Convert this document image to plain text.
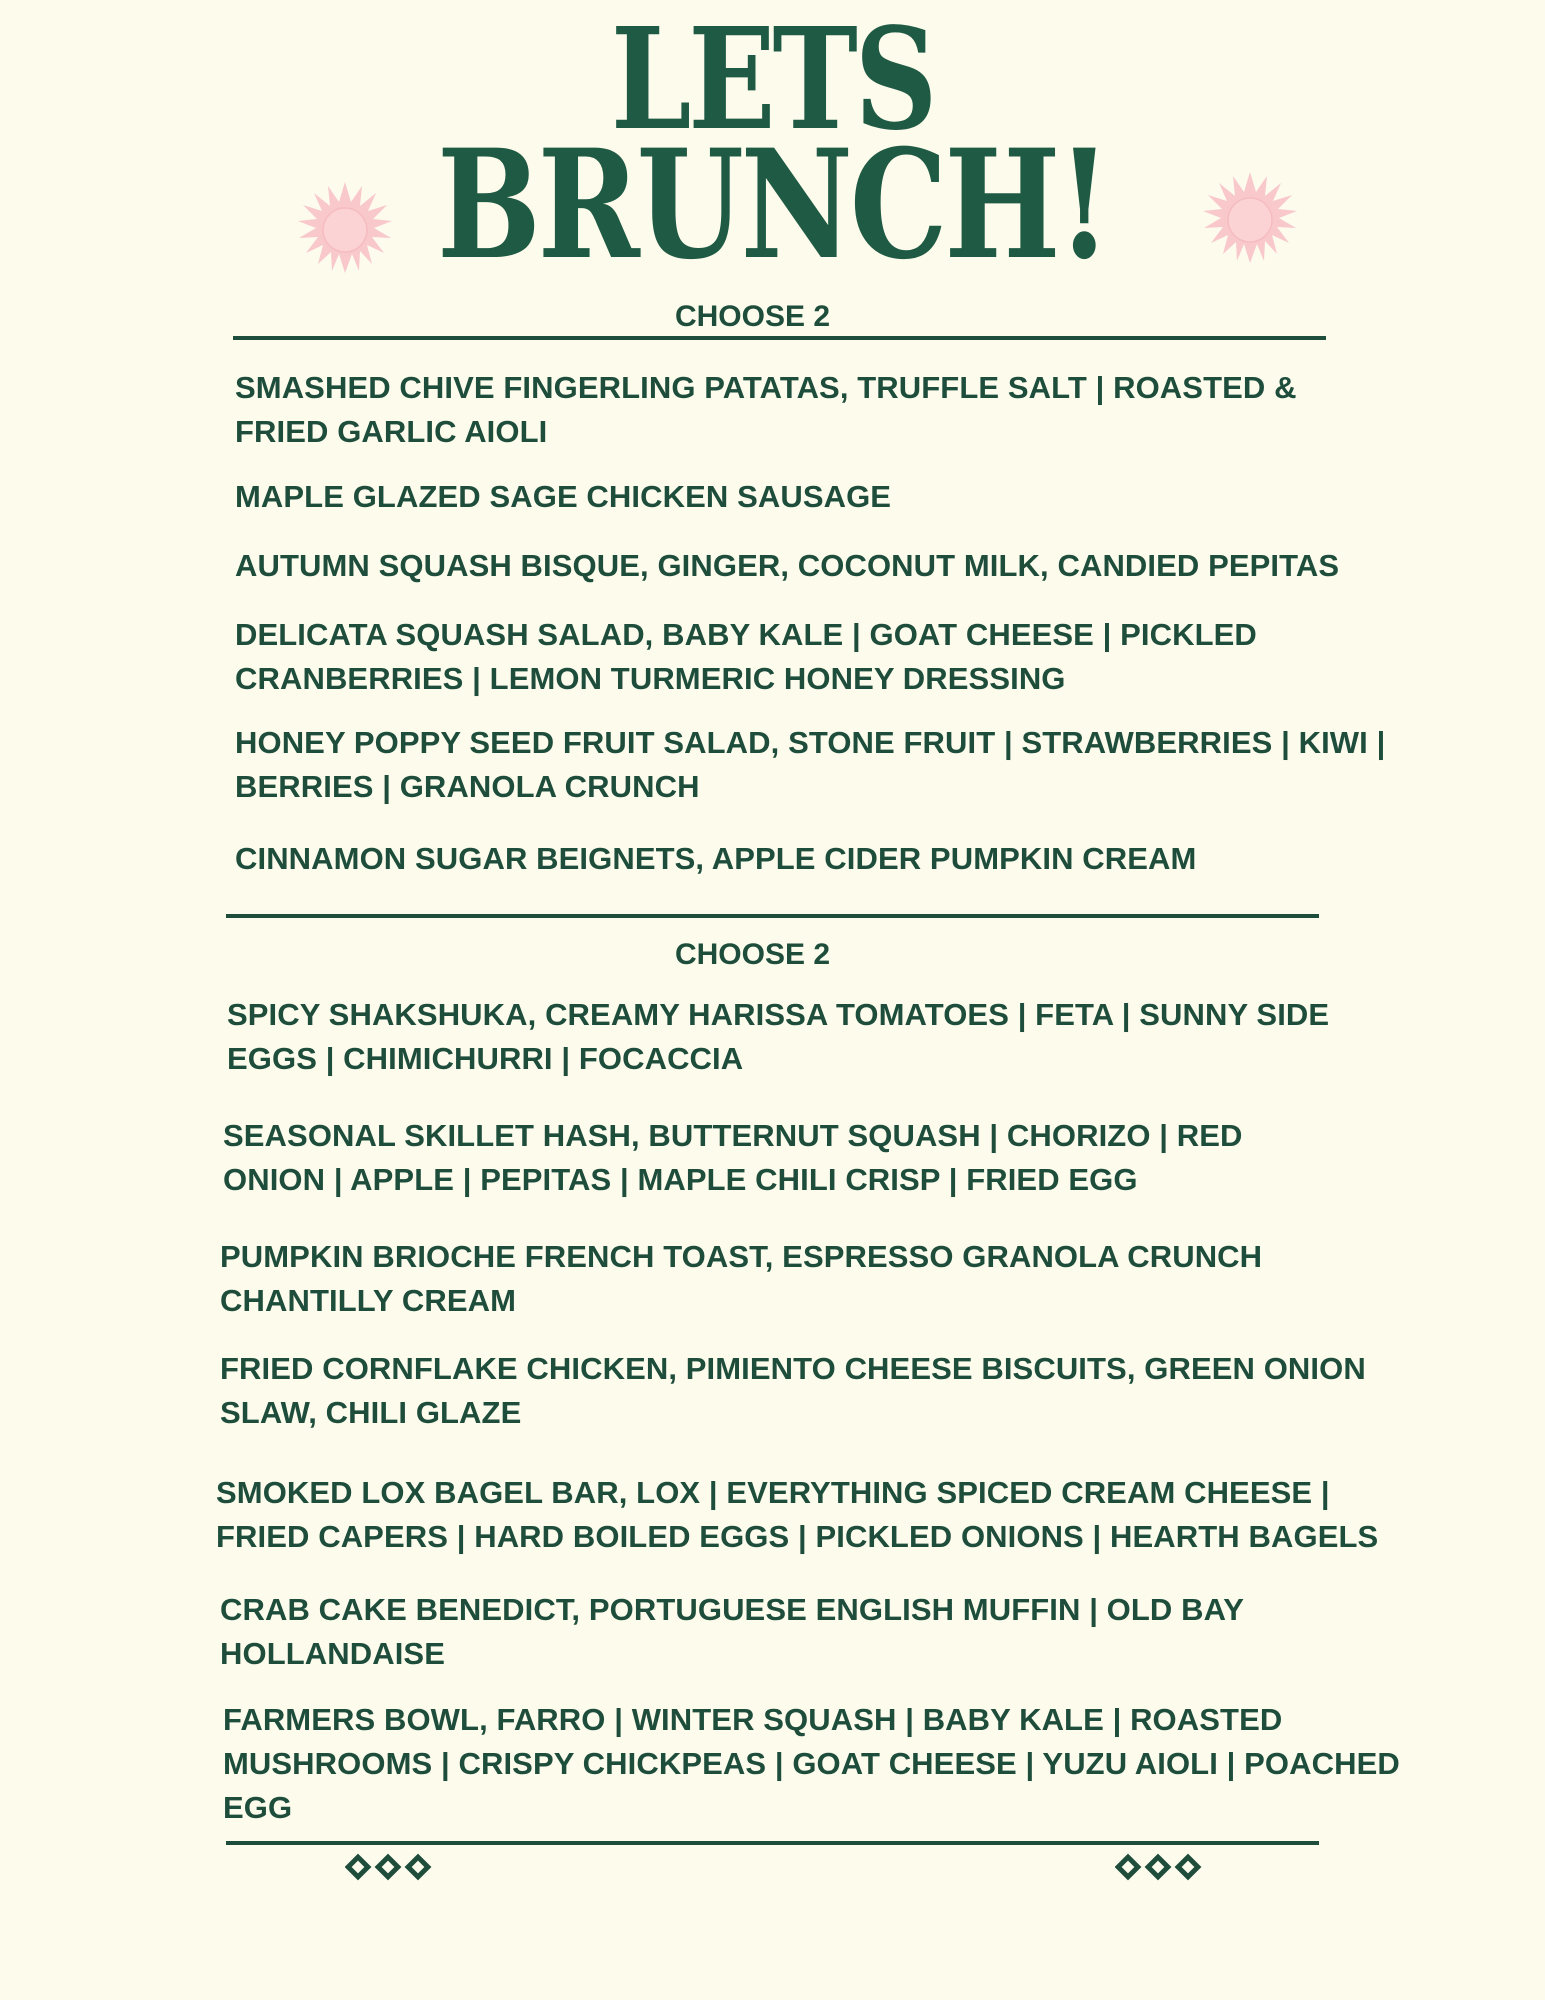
LETS
BRUNCH!
CHOOSE 2

SMASHED CHIVE FINGERLING PATATAS, TRUFFLE SALT | ROASTED &
FRIED GARLIC AIOLI

MAPLE GLAZED SAGE CHICKEN SAUSAGE

AUTUMN SQUASH BISQUE, GINGER, COCONUT MILK, CANDIED PEPITAS

DELICATA SQUASH SALAD, BABY KALE | GOAT CHEESE | PICKLED
CRANBERRIES | LEMON TURMERIC HONEY DRESSING

HONEY POPPY SEED FRUIT SALAD, STONE FRUIT | STRAWBERRIES | KIWI |
BERRIES | GRANOLA CRUNCH

CINNAMON SUGAR BEIGNETS, APPLE CIDER PUMPKIN CREAM

CHOOSE 2

SPICY SHAKSHUKA, CREAMY HARISSA TOMATOES | FETA | SUNNY SIDE
EGGS | CHIMICHURRI | FOCACCIA

SEASONAL SKILLET HASH, BUTTERNUT SQUASH | CHORIZO | RED
ONION | APPLE | PEPITAS | MAPLE CHILI CRISP | FRIED EGG

PUMPKIN BRIOCHE FRENCH TOAST, ESPRESSO GRANOLA CRUNCH
CHANTILLY CREAM

FRIED CORNFLAKE CHICKEN, PIMIENTO CHEESE BISCUITS, GREEN ONION
SLAW, CHILI GLAZE

SMOKED LOX BAGEL BAR, LOX | EVERYTHING SPICED CREAM CHEESE |
FRIED CAPERS | HARD BOILED EGGS | PICKLED ONIONS | HEARTH BAGELS

CRAB CAKE BENEDICT, PORTUGUESE ENGLISH MUFFIN | OLD BAY
HOLLANDAISE

FARMERS BOWL, FARRO | WINTER SQUASH | BABY KALE | ROASTED
MUSHROOMS | CRISPY CHICKPEAS | GOAT CHEESE | YUZU AIOLI | POACHED
EGG
